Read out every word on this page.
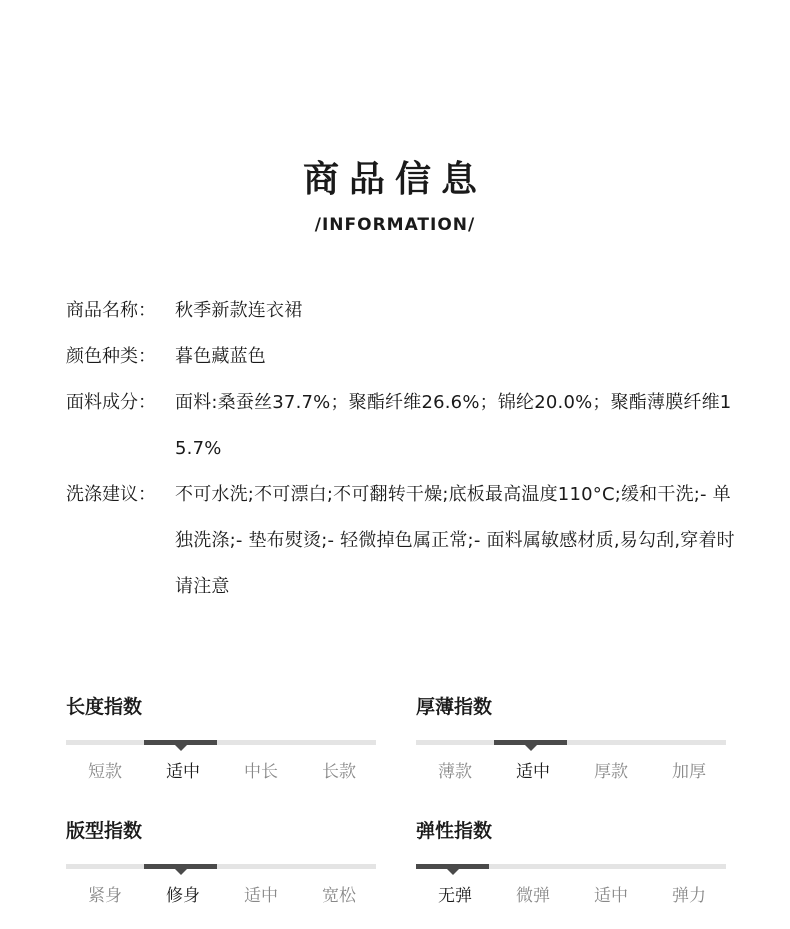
商品信息
/INFORMATION/
商品名称：	秋季新款连衣裙
颜色种类：	暮色藏蓝色
面料成分：	面料:桑蚕丝37.7%；聚酯纤维26.6%；锦纶20.0%；聚酯薄膜纤维15.7%
洗涤建议：	不可水洗;不可漂白;不可翻转干燥;底板最高温度110°C;缓和干洗;- 单独洗涤;- 垫布熨烫;- 轻微掉色属正常;- 面料属敏感材质,易勾刮,穿着时请注意
长度指数
短款	适中	中长	长款
厚薄指数
薄款	适中	厚款	加厚
版型指数
紧身	修身	适中	宽松
弹性指数
无弹	微弹	适中	弹力
